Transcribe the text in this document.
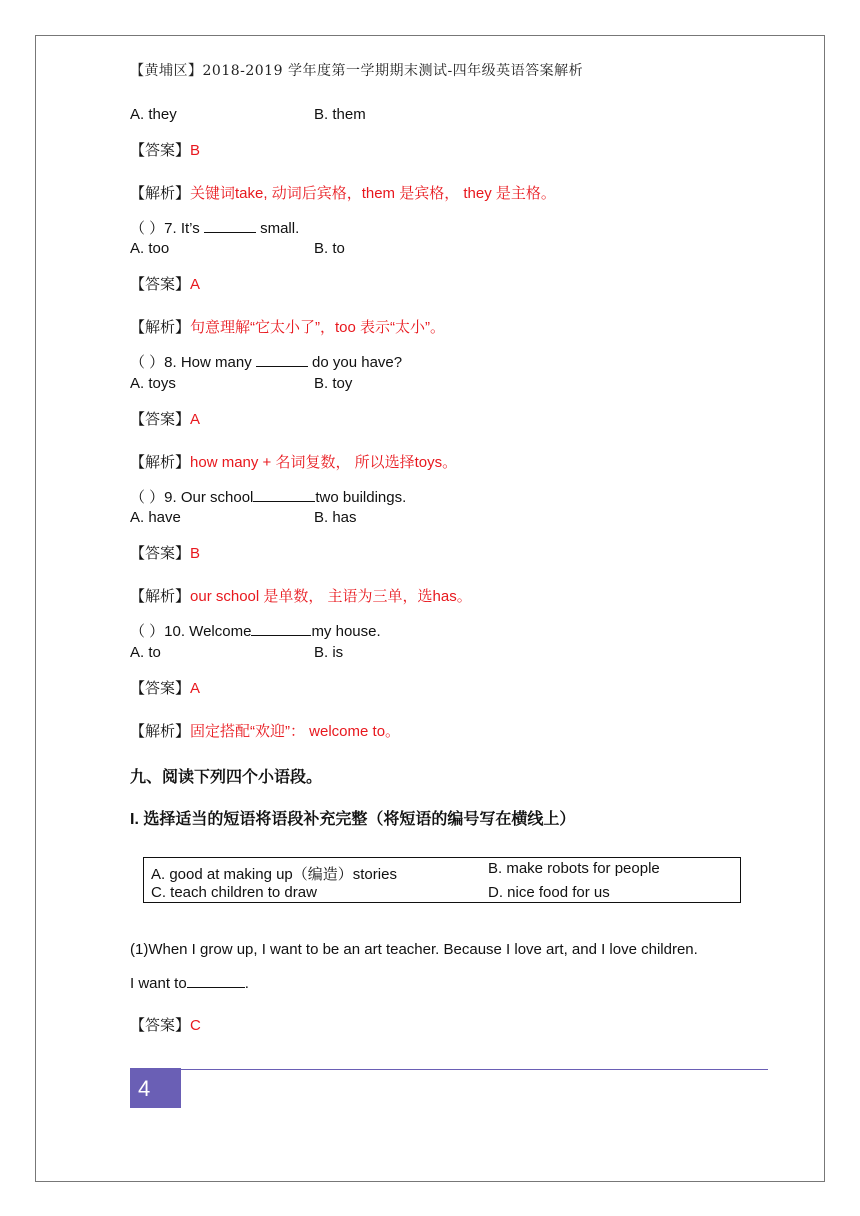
【黄埔区】2018-2019 学年度第一学期期末测试-四年级英语答案解析
A. they	B. them
【答案】B
【解析】关键词take, 动词后宾格，them 是宾格， they 是主格。
（ ）7. It’s	small.
A. too	B. to
【答案】A
【解析】句意理解“它太小了”，too 表示“太小”。
（ ）8. How many	do you have?
A. toys	B. toy
【答案】A
【解析】how many + 名词复数， 所以选择toys。
（ ）9. Our school	two buildings.
A. have	B. has
【答案】B
【解析】our school 是单数， 主语为三单，选has。
（ ）10. Welcome	my house.
A. to	B. is
【答案】A
【解析】固定搭配“欢迎”： welcome to。
九、阅读下列四个小语段。
I. 选择适当的短语将语段补充完整（将短语的编号写在横线上）
A. good at making up（编造）stories	B. make robots for people
C. teach children to draw	D. nice food for us
(1)When I grow up, I want to be an art teacher. Because I love art, and I love children.
I want to	.
【答案】C
4
